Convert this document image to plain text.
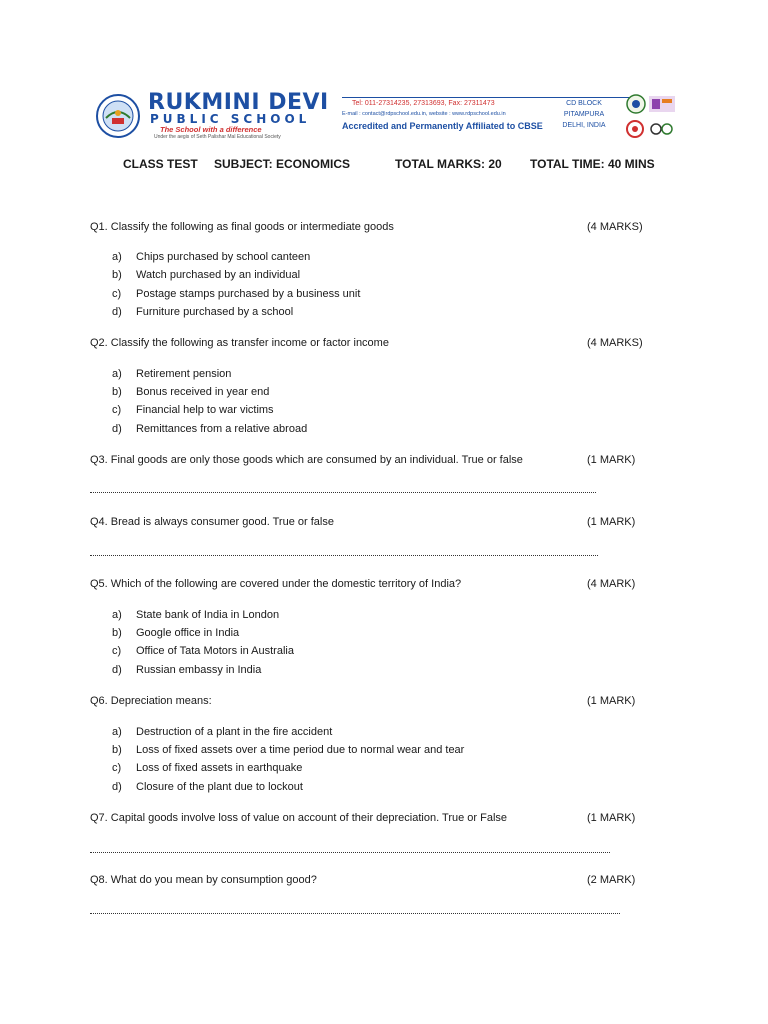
RUKMINI DEVI
PUBLIC SCHOOL
The School with a difference
Under the aegis of Seth Palishar Mal Educational Society
Tel: 011-27314235, 27313693, Fax: 27311473
E-mail : contact@rdpschool.edu.in, website : www.rdpschool.edu.in
Accredited and Permanently Affiliated to CBSE
CD BLOCK
PITAMPURA
DELHI, INDIA
CLASS TEST SUBJECT: ECONOMICS	TOTAL MARKS: 20 TOTAL TIME: 40 MINS
Q1. Classify the following as final goods or intermediate goods	(4 MARKS)
a) Chips purchased by school canteen
b) Watch purchased by an individual
c) Postage stamps purchased by a business unit
d) Furniture purchased by a school
Q2. Classify the following as transfer income or factor income	(4 MARKS)
a) Retirement pension
b) Bonus received in year end
c) Financial help to war victims
d) Remittances from a relative abroad
Q3. Final goods are only those goods which are consumed by an individual. True or false	(1 MARK)
Q4. Bread is always consumer good. True or false	(1 MARK)
Q5. Which of the following are covered under the domestic territory of India?	(4 MARK)
a) State bank of India in London
b) Google office in India
c) Office of Tata Motors in Australia
d) Russian embassy in India
Q6. Depreciation means:	(1 MARK)
a) Destruction of a plant in the fire accident
b) Loss of fixed assets over a time period due to normal wear and tear
c) Loss of fixed assets in earthquake
d) Closure of the plant due to lockout
Q7. Capital goods involve loss of value on account of their depreciation. True or False	(1 MARK)
Q8. What do you mean by consumption good?	(2 MARK)
